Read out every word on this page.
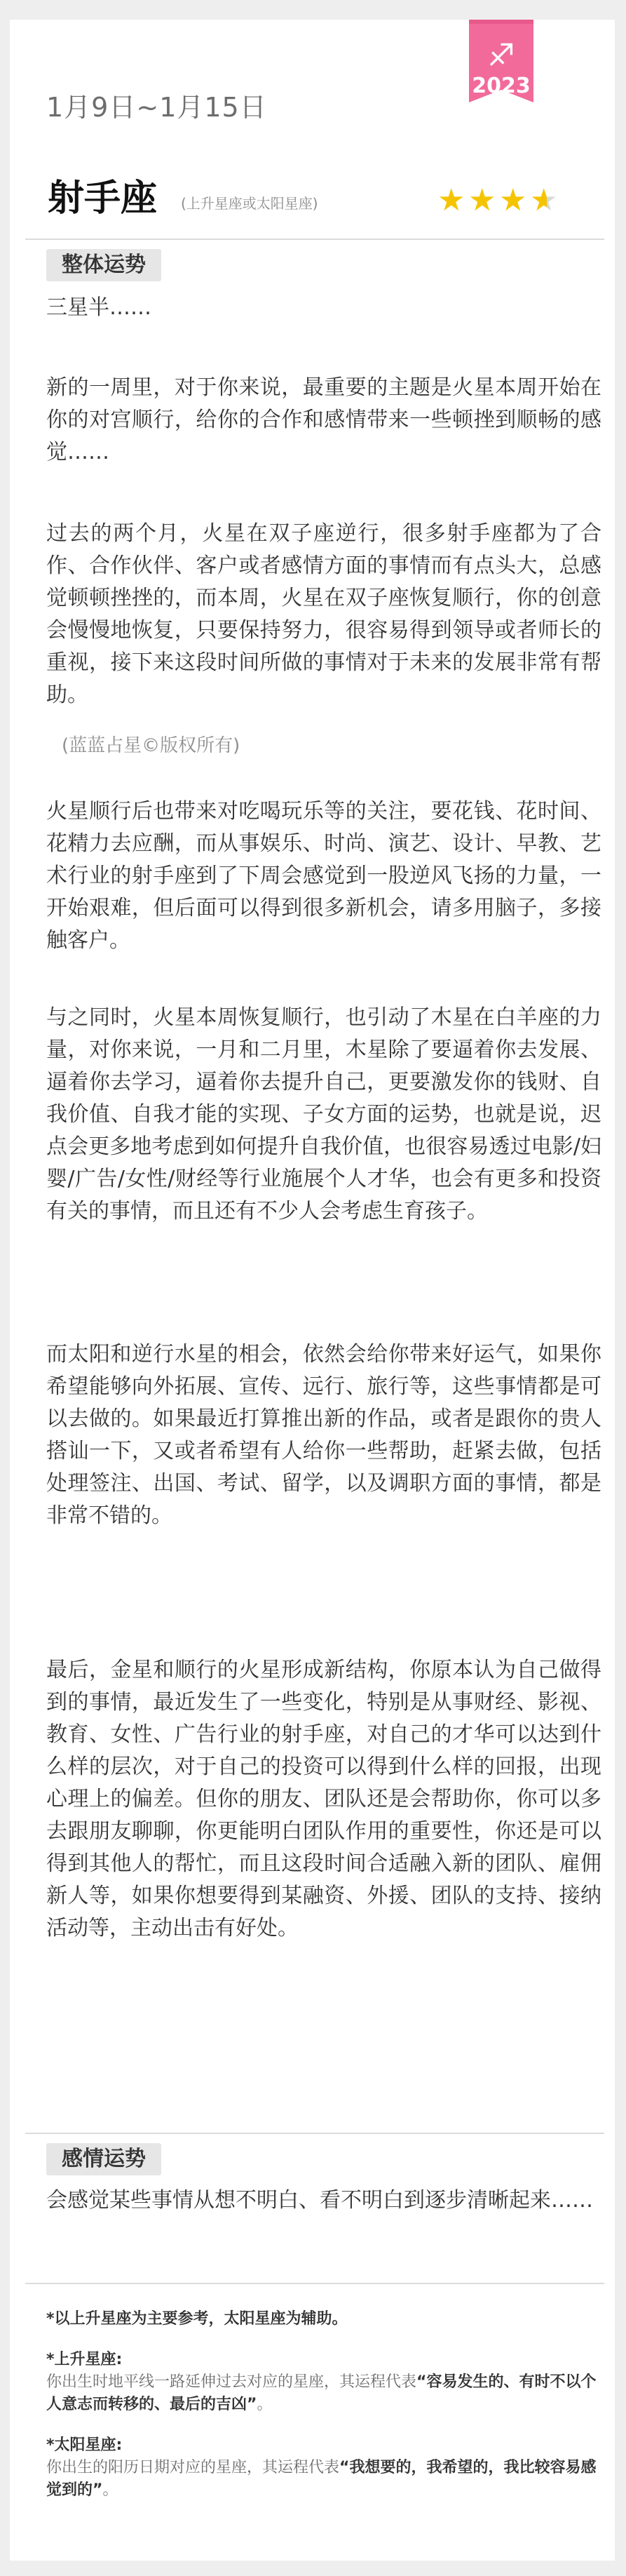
♐
2023
1月9日~1月15日
射手座 (上升星座或太阳星座)	★ ★ ★ ★
整体运势

三星半……

新的一周里，对于你来说，最重要的主题是火星本周开始在你的对宫顺行，给你的合作和感情带来一些顿挫到顺畅的感觉……

过去的两个月，火星在双子座逆行，很多射手座都为了合作、合作伙伴、客户或者感情方面的事情而有点头大，总感觉顿顿挫挫的，而本周，火星在双子座恢复顺行，你的创意会慢慢地恢复，只要保持努力，很容易得到领导或者师长的重视，接下来这段时间所做的事情对于未来的发展非常有帮助。

(蓝蓝占星©版权所有)

火星顺行后也带来对吃喝玩乐等的关注，要花钱、花时间、花精力去应酬，而从事娱乐、时尚、演艺、设计、早教、艺术行业的射手座到了下周会感觉到一股逆风飞扬的力量，一开始艰难，但后面可以得到很多新机会，请多用脑子，多接触客户。

与之同时，火星本周恢复顺行，也引动了木星在白羊座的力量，对你来说，一月和二月里，木星除了要逼着你去发展、逼着你去学习，逼着你去提升自己，更要激发你的钱财、自我价值、自我才能的实现、子女方面的运势，也就是说，迟点会更多地考虑到如何提升自我价值，也很容易透过电影/妇婴/广告/女性/财经等行业施展个人才华，也会有更多和投资有关的事情，而且还有不少人会考虑生育孩子。

而太阳和逆行水星的相会，依然会给你带来好运气，如果你希望能够向外拓展、宣传、远行、旅行等，这些事情都是可以去做的。如果最近打算推出新的作品，或者是跟你的贵人搭讪一下，又或者希望有人给你一些帮助，赶紧去做，包括处理签注、出国、考试、留学，以及调职方面的事情，都是非常不错的。

最后，金星和顺行的火星形成新结构，你原本认为自己做得到的事情，最近发生了一些变化，特别是从事财经、影视、教育、女性、广告行业的射手座，对自己的才华可以达到什么样的层次，对于自己的投资可以得到什么样的回报，出现心理上的偏差。但你的朋友、团队还是会帮助你，你可以多去跟朋友聊聊，你更能明白团队作用的重要性，你还是可以得到其他人的帮忙，而且这段时间合适融入新的团队、雇佣新人等，如果你想要得到某融资、外援、团队的支持、接纳活动等，主动出击有好处。

感情运势

会感觉某些事情从想不明白、看不明白到逐步清晰起来……

*以上升星座为主要参考，太阳星座为辅助。

*上升星座:

你出生时地平线一路延伸过去对应的星座，其运程代表“容易发生的、有时不以个人意志而转移的、最后的吉凶”。

*太阳星座:

你出生的阳历日期对应的星座，其运程代表“我想要的，我希望的，我比较容易感觉到的”。
